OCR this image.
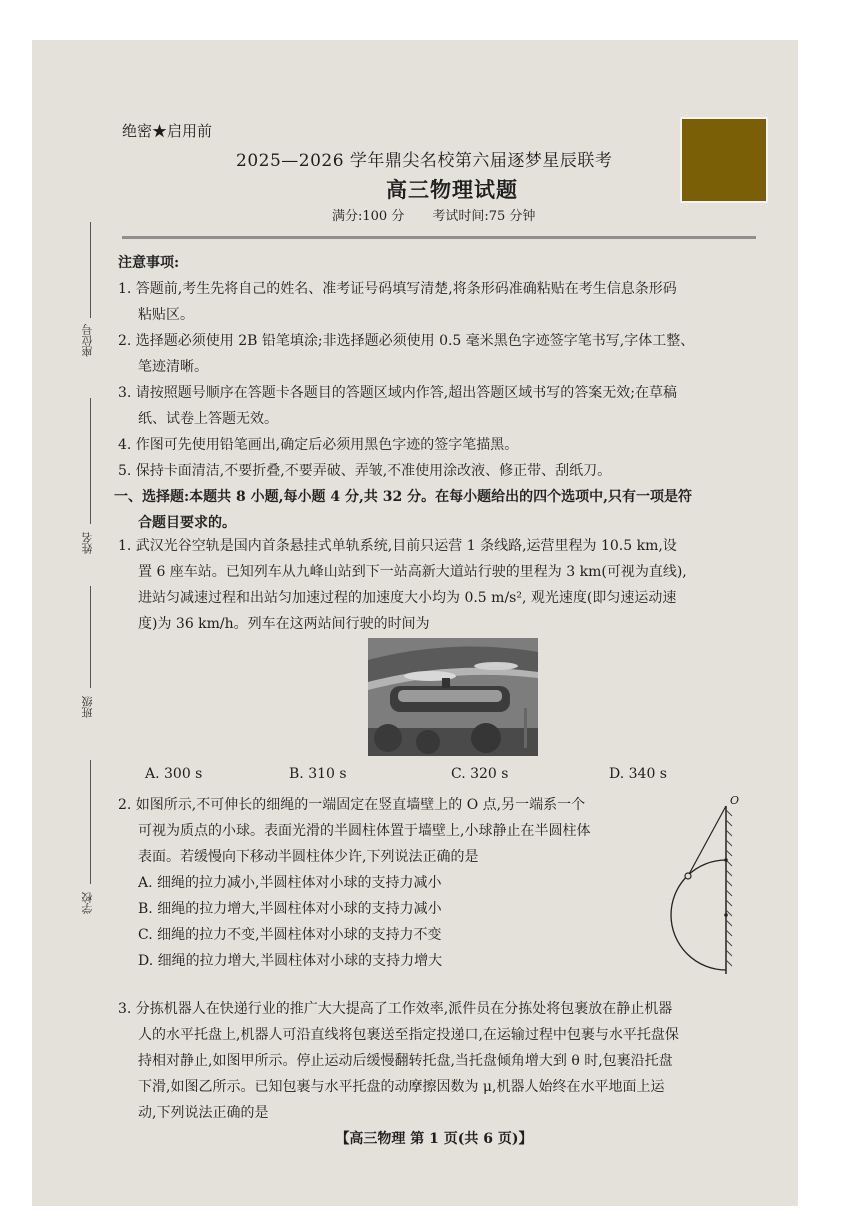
绝密★启用前
2025—2026 学年鼎尖名校第六届逐梦星辰联考
高三物理试题
满分:100 分 考试时间:75 分钟
座位号
姓名
班级
学校
注意事项:
1. 答题前,考生先将自己的姓名、准考证号码填写清楚,将条形码准确粘贴在考生信息条形码
粘贴区。
2. 选择题必须使用 2B 铅笔填涂;非选择题必须使用 0.5 毫米黑色字迹签字笔书写,字体工整、
笔迹清晰。
3. 请按照题号顺序在答题卡各题目的答题区域内作答,超出答题区域书写的答案无效;在草稿
纸、试卷上答题无效。
4. 作图可先使用铅笔画出,确定后必须用黑色字迹的签字笔描黑。
5. 保持卡面清洁,不要折叠,不要弄破、弄皱,不准使用涂改液、修正带、刮纸刀。
一、选择题:本题共 8 小题,每小题 4 分,共 32 分。在每小题给出的四个选项中,只有一项是符
合题目要求的。
1. 武汉光谷空轨是国内首条悬挂式单轨系统,目前只运营 1 条线路,运营里程为 10.5 km,设
置 6 座车站。已知列车从九峰山站到下一站高新大道站行驶的里程为 3 km(可视为直线),
进站匀减速过程和出站匀加速过程的加速度大小均为 0.5 m/s², 观光速度(即匀速运动速
度)为 36 km/h。列车在这两站间行驶的时间为
A. 300 s	B. 310 s	C. 320 s	D. 340 s
2. 如图所示,不可伸长的细绳的一端固定在竖直墙壁上的 O 点,另一端系一个
可视为质点的小球。表面光滑的半圆柱体置于墙壁上,小球静止在半圆柱体
表面。若缓慢向下移动半圆柱体少许,下列说法正确的是
A. 细绳的拉力减小,半圆柱体对小球的支持力减小
B. 细绳的拉力增大,半圆柱体对小球的支持力减小
C. 细绳的拉力不变,半圆柱体对小球的支持力不变
D. 细绳的拉力增大,半圆柱体对小球的支持力增大
O
3. 分拣机器人在快递行业的推广大大提高了工作效率,派件员在分拣处将包裹放在静止机器
人的水平托盘上,机器人可沿直线将包裹送至指定投递口,在运输过程中包裹与水平托盘保
持相对静止,如图甲所示。停止运动后缓慢翻转托盘,当托盘倾角增大到 θ 时,包裹沿托盘
下滑,如图乙所示。已知包裹与水平托盘的动摩擦因数为 μ,机器人始终在水平地面上运
动,下列说法正确的是
【高三物理 第 1 页(共 6 页)】
